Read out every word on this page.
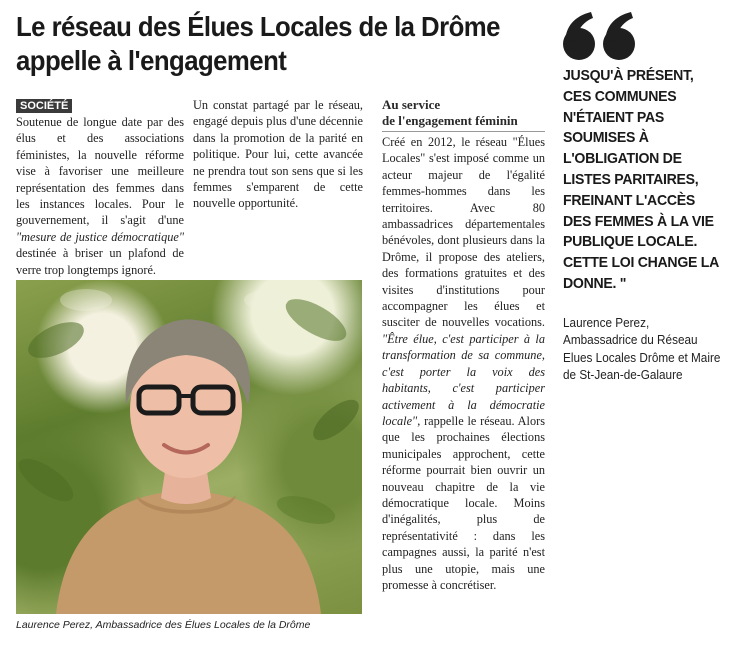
Le réseau des Élues Locales de la Drôme appelle à l'engagement
SOCIÉTÉ
Soutenue de longue date par des élus et des associations féministes, la nouvelle réforme vise à favoriser une meilleure représentation des femmes dans les instances locales. Pour le gouvernement, il s'agit d'une "mesure de justice démocratique" destinée à briser un plafond de verre trop longtemps ignoré.
Un constat partagé par le réseau, engagé depuis plus d'une décennie dans la promotion de la parité en politique. Pour lui, cette avancée ne prendra tout son sens que si les femmes s'emparent de cette nouvelle opportunité.
Au service
de l'engagement féminin
Créé en 2012, le réseau "Élues Locales" s'est imposé comme un acteur majeur de l'égalité femmes-hommes dans les territoires. Avec 80 ambassadrices départementales bénévoles, dont plusieurs dans la Drôme, il propose des ateliers, des formations gratuites et des visites d'institutions pour accompagner les élues et susciter de nouvelles vocations. "Être élue, c'est participer à la transformation de sa commune, c'est porter la voix des habitants, c'est participer activement à la démocratie locale", rappelle le réseau. Alors que les prochaines élections municipales approchent, cette réforme pourrait bien ouvrir un nouveau chapitre de la vie démocratique locale. Moins d'inégalités, plus de représentativité : dans les campagnes aussi, la parité n'est plus une utopie, mais une promesse à concrétiser.
Laurence Perez, Ambassadrice des Élues Locales de la Drôme
JUSQU'À PRÉSENT, CES COMMUNES N'ÉTAIENT PAS SOUMISES À L'OBLIGATION DE LISTES PARITAIRES, FREINANT L'ACCÈS DES FEMMES À LA VIE PUBLIQUE LOCALE. CETTE LOI CHANGE LA DONNE. "
Laurence Perez, Ambassadrice du Réseau Elues Locales Drôme et Maire de St-Jean-de-Galaure
